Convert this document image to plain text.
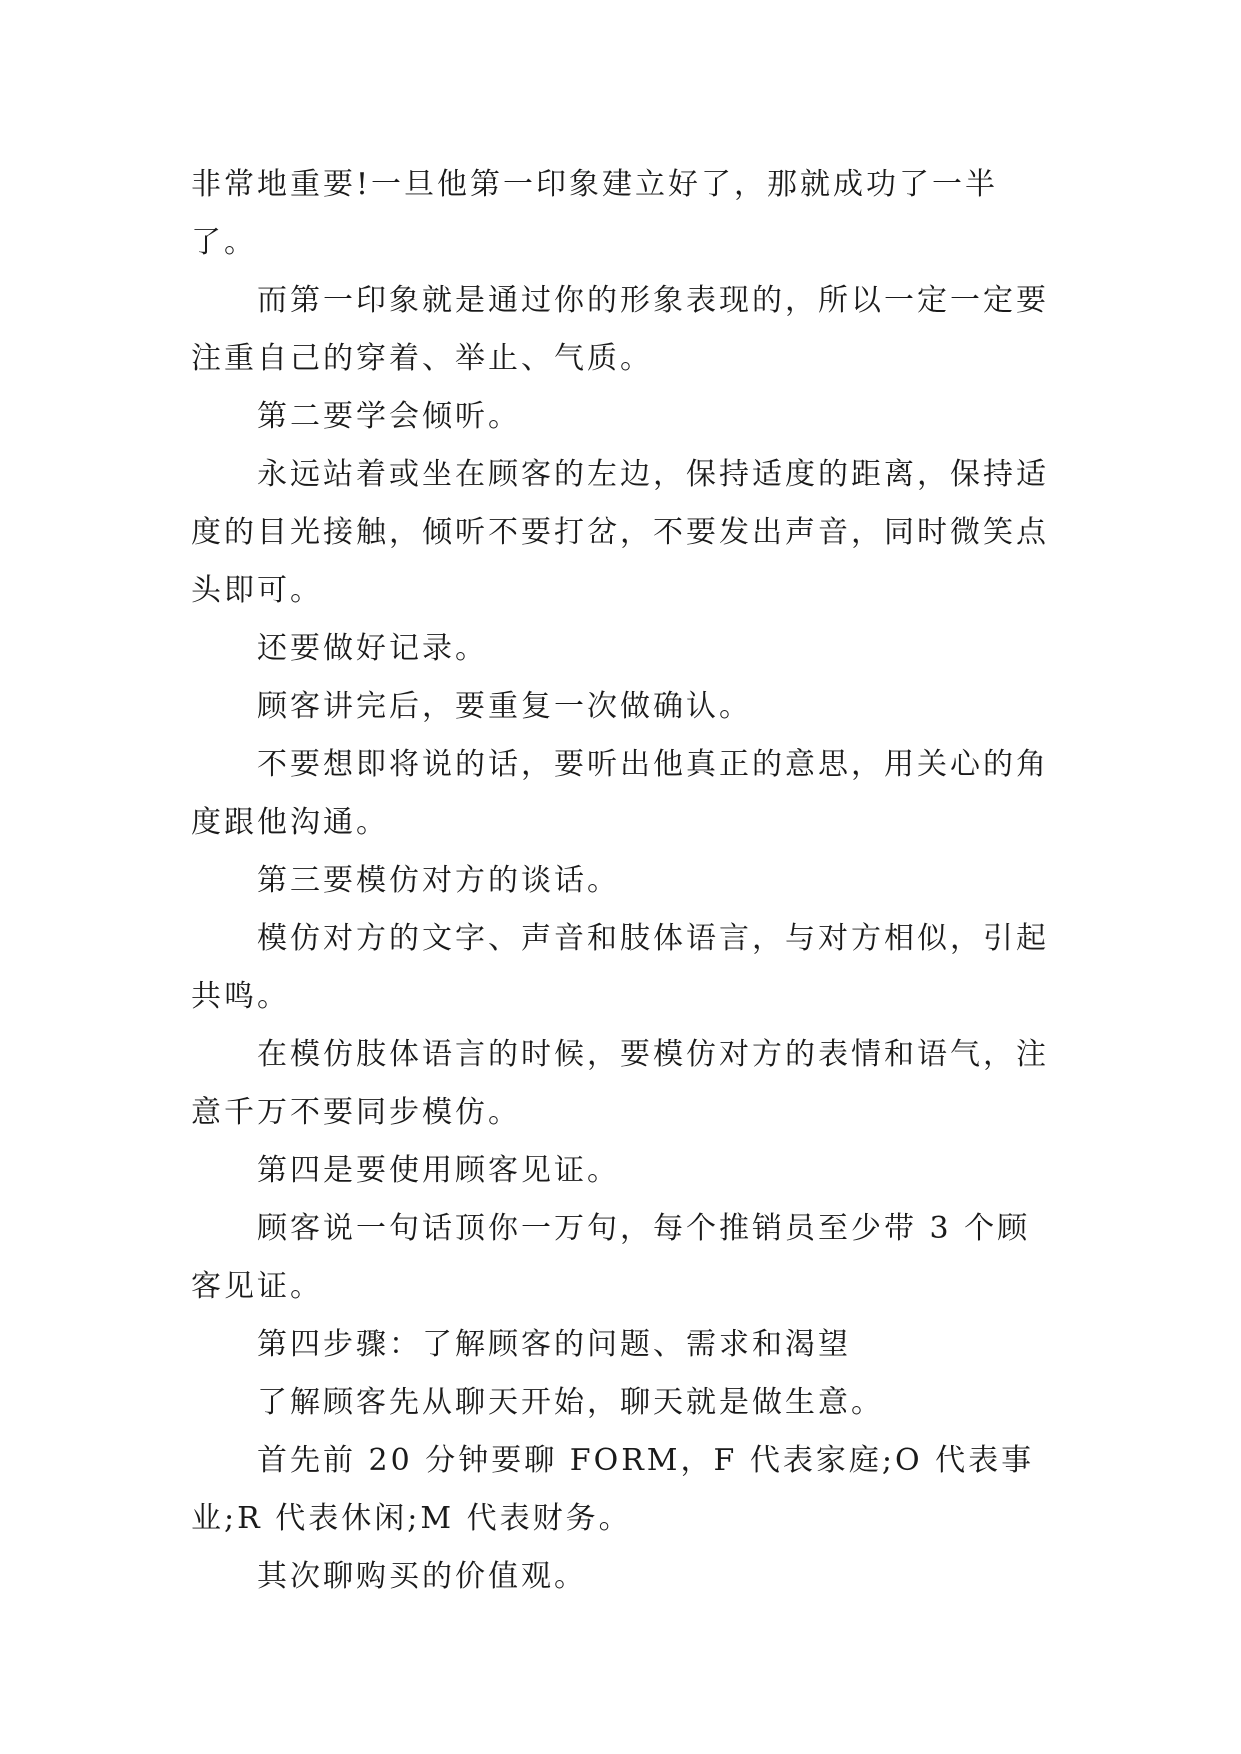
非常地重要!一旦他第一印象建立好了，那就成功了一半了。

而第一印象就是通过你的形象表现的，所以一定一定要注重自己的穿着、举止、气质。

第二要学会倾听。

永远站着或坐在顾客的左边，保持适度的距离，保持适度的目光接触，倾听不要打岔，不要发出声音，同时微笑点头即可。

还要做好记录。

顾客讲完后，要重复一次做确认。

不要想即将说的话，要听出他真正的意思，用关心的角度跟他沟通。

第三要模仿对方的谈话。

模仿对方的文字、声音和肢体语言，与对方相似，引起共鸣。

在模仿肢体语言的时候，要模仿对方的表情和语气，注意千万不要同步模仿。

第四是要使用顾客见证。

顾客说一句话顶你一万句，每个推销员至少带 3 个顾客见证。

第四步骤：了解顾客的问题、需求和渴望

了解顾客先从聊天开始，聊天就是做生意。

首先前 20 分钟要聊 FORM，F 代表家庭;O 代表事业;R 代表休闲;M 代表财务。

其次聊购买的价值观。
